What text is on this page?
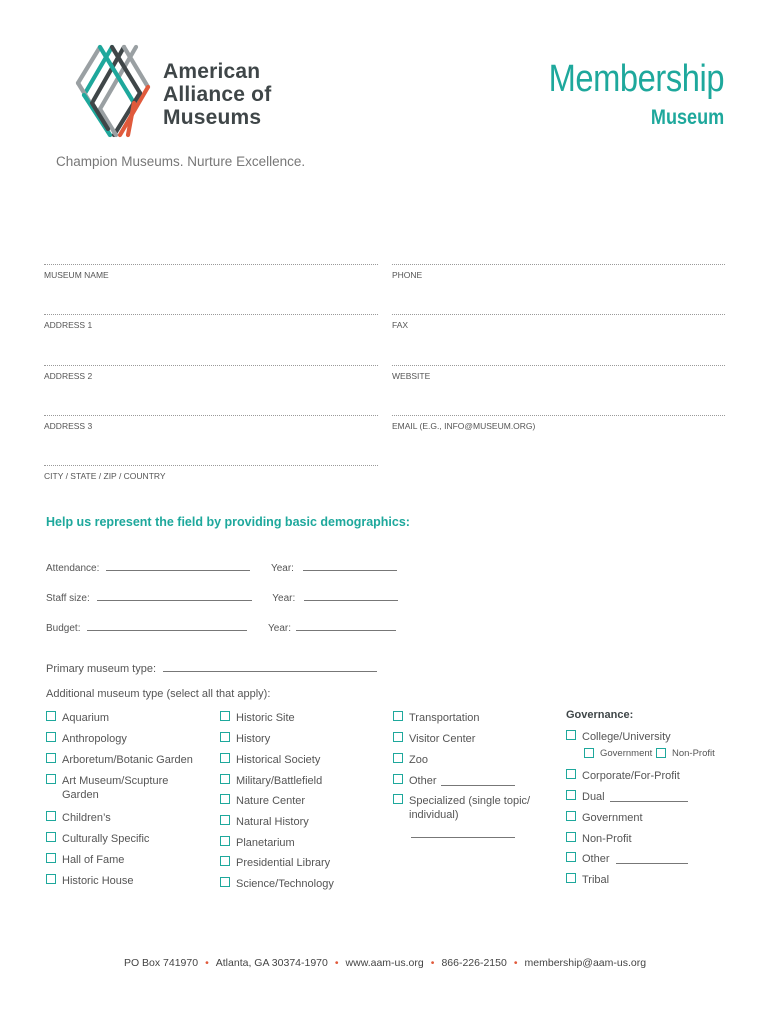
American
Alliance of
Museums
Champion Museums. Nurture Excellence.
Membership
Museum
MUSEUM NAME
ADDRESS 1
ADDRESS 2
ADDRESS 3
CITY / STATE / ZIP / COUNTRY
PHONE
FAX
WEBSITE
EMAIL (E.G., INFO@MUSEUM.ORG)
Help us represent the field by providing basic demographics:
Attendance:	Year:
Staff size:	Year:
Budget:	Year:
Primary museum type:
Additional museum type (select all that apply):
Aquarium
Anthropology
Arboretum/Botanic Garden
Art Museum/Scupture
Garden
Children’s
Culturally Specific
Hall of Fame
Historic House
Historic Site
History
Historical Society
Military/Battlefield
Nature Center
Natural History
Planetarium
Presidential Library
Science/Technology
Transportation
Visitor Center
Zoo
Other
Specialized (single topic/
individual)
Governance:
College/University
Government Non-Profit
Corporate/For-Profit
Dual
Government
Non-Profit
Other
Tribal
PO Box 741970 • Atlanta, GA 30374-1970 • www.aam-us.org • 866-226-2150 • membership@aam-us.org
